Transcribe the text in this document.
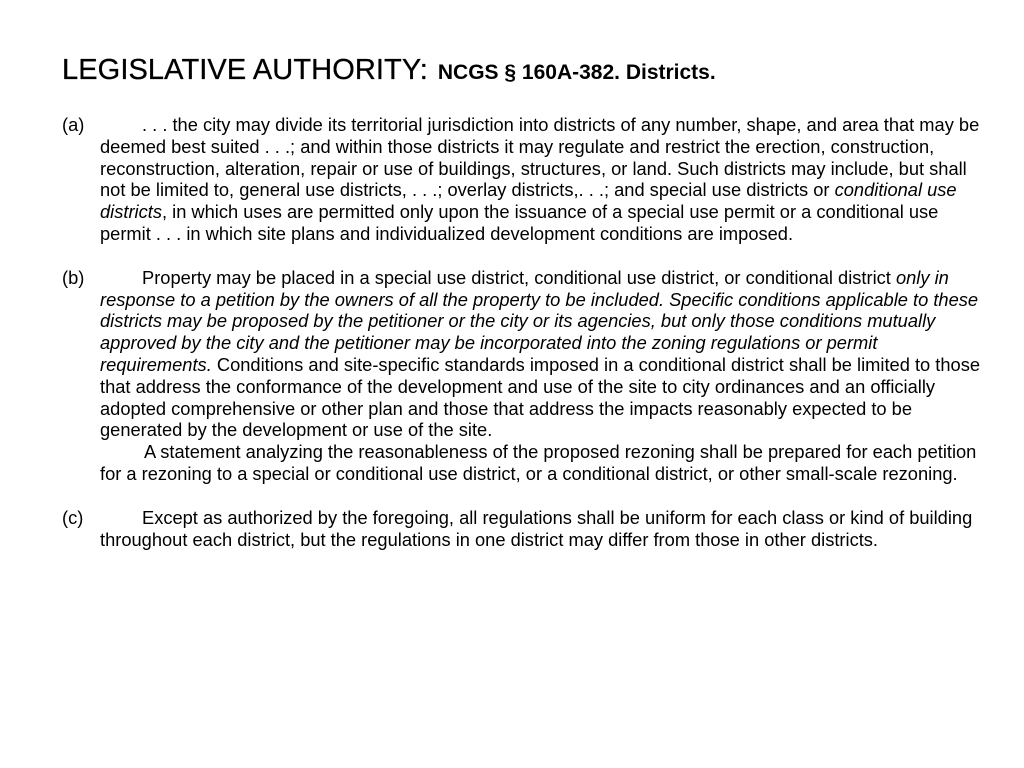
LEGISLATIVE AUTHORITY: NCGS § 160A-382. Districts.

(a)	. . . the city may divide its territorial jurisdiction into districts of any number, shape, and area that may be deemed best suited . . .; and within those districts it may regulate and restrict the erection, construction, reconstruction, alteration, repair or use of buildings, structures, or land. Such districts may include, but shall not be limited to, general use districts, . . .; overlay districts,. . .; and special use districts or conditional use districts, in which uses are permitted only upon the issuance of a special use permit or a conditional use permit . . . in which site plans and individualized development conditions are imposed.

(b)	Property may be placed in a special use district, conditional use district, or conditional district only in response to a petition by the owners of all the property to be included. Specific conditions applicable to these districts may be proposed by the petitioner or the city or its agencies, but only those conditions mutually approved by the city and the petitioner may be incorporated into the zoning regulations or permit requirements. Conditions and site-specific standards imposed in a conditional district shall be limited to those that address the conformance of the development and use of the site to city ordinances and an officially adopted comprehensive or other plan and those that address the impacts reasonably expected to be generated by the development or use of the site.

A statement analyzing the reasonableness of the proposed rezoning shall be prepared for each petition for a rezoning to a special or conditional use district, or a conditional district, or other small-scale rezoning.

(c)	Except as authorized by the foregoing, all regulations shall be uniform for each class or kind of building throughout each district, but the regulations in one district may differ from those in other districts.
